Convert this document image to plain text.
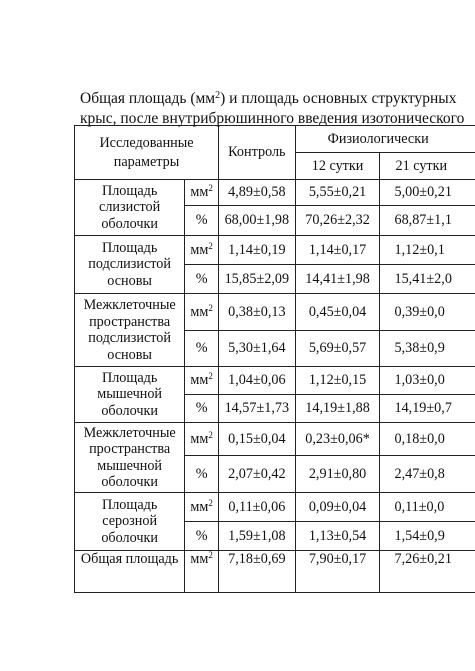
Общая площадь $(мм^2)$ и площадь основных структурных
крыс, после внутрибрюшинного введения изотонического
Исследованные параметры		Контроль	Физиологически	
			12 сутки	21 сутки
Площадь слизистой оболочки	$мм^2$	4,89±0,58	5,55±0,21	5,00±0,21
	%	68,00±1,98	70,26±2,32	68,87±1,1
Площадь подслизистой основы	$мм^2$	1,14±0,19	1,14±0,17	1,12±0,1
	%	15,85±2,09	14,41±1,98	15,41±2,0
Межклеточные пространства подслизистой основы	$мм^2$	0,38±0,13	0,45±0,04	0,39±0,0
	%	5,30±1,64	5,69±0,57	5,38±0,9
Площадь мышечной оболочки	$мм^2$	1,04±0,06	1,12±0,15	1,03±0,0
	%	14,57±1,73	14,19±1,88	14,19±0,7
Межклеточные пространства мышечной оболочки	$мм^2$	0,15±0,04	0,23±0,06*	0,18±0,0
	%	2,07±0,42	2,91±0,80	2,47±0,8
Площадь серозной оболочки	$мм^2$	0,11±0,06	0,09±0,04	0,11±0,0
	%	1,59±1,08	1,13±0,54	1,54±0,9
Общая площадь	$мм^2$	7,18±0,69	7,90±0,17	7,26±0,21
